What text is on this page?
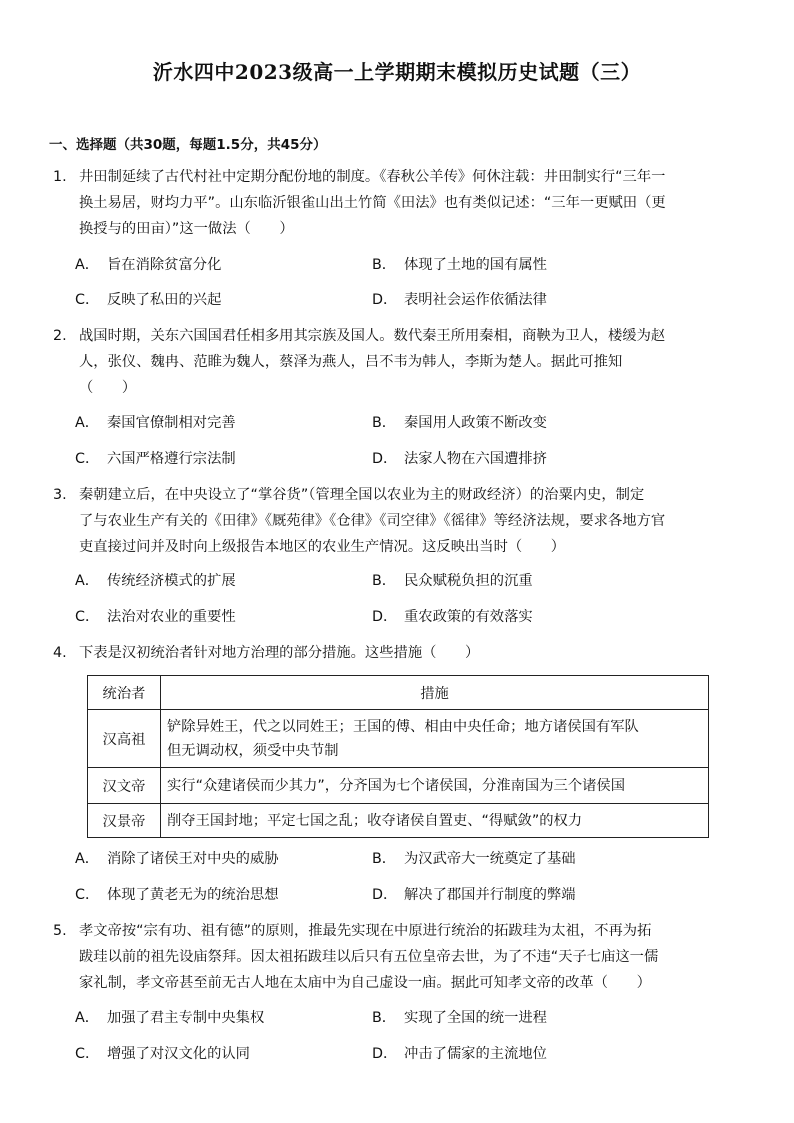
沂水四中2023级高一上学期期末模拟历史试题（三）
一、选择题（共30题，每题1.5分，共45分）
1. 井田制延续了古代村社中定期分配份地的制度。《春秋公羊传》何休注载：井田制实行“三年一
换土易居，财均力平”。山东临沂银雀山出土竹简《田法》也有类似记述：“三年一更赋田（更
换授与的田亩）”这一做法（　　）
A． 旨在消除贫富分化	B． 体现了土地的国有属性
C． 反映了私田的兴起	D． 表明社会运作依循法律
2. 战国时期，关东六国国君任相多用其宗族及国人。数代秦王所用秦相，商鞅为卫人，楼缓为赵
人，张仪、魏冉、范睢为魏人，蔡泽为燕人，吕不韦为韩人，李斯为楚人。据此可推知
（　　）
A． 秦国官僚制相对完善	B． 秦国用人政策不断改变
C． 六国严格遵行宗法制	D． 法家人物在六国遭排挤
3. 秦朝建立后，在中央设立了“掌谷货”（管理全国以农业为主的财政经济）的治粟内史，制定
了与农业生产有关的《田律》《厩苑律》《仓律》《司空律》《徭律》等经济法规，要求各地方官
吏直接过问并及时向上级报告本地区的农业生产情况。这反映出当时（　　）
A． 传统经济模式的扩展	B． 民众赋税负担的沉重
C． 法治对农业的重要性	D． 重农政策的有效落实
4. 下表是汉初统治者针对地方治理的部分措施。这些措施（　　）
统治者	措施
汉高祖	铲除异姓王，代之以同姓王；王国的傅、相由中央任命；地方诸侯国有军队
但无调动权，须受中央节制

汉文帝	实行“众建诸侯而少其力”，分齐国为七个诸侯国，分淮南国为三个诸侯国
汉景帝	削夺王国封地；平定七国之乱；收夺诸侯自置吏、“得赋敛”的权力
A． 消除了诸侯王对中央的威胁	B． 为汉武帝大一统奠定了基础
C． 体现了黄老无为的统治思想	D． 解决了郡国并行制度的弊端
5. 孝文帝按“宗有功、祖有德”的原则，推最先实现在中原进行统治的拓跋珪为太祖，不再为拓
跋珪以前的祖先设庙祭拜。因太祖拓跋珪以后只有五位皇帝去世，为了不违“天子七庙这一儒
家礼制，孝文帝甚至前无古人地在太庙中为自己虚设一庙。据此可知孝文帝的改革（　　）
A． 加强了君主专制中央集权	B． 实现了全国的统一进程
C． 增强了对汉文化的认同	D． 冲击了儒家的主流地位
